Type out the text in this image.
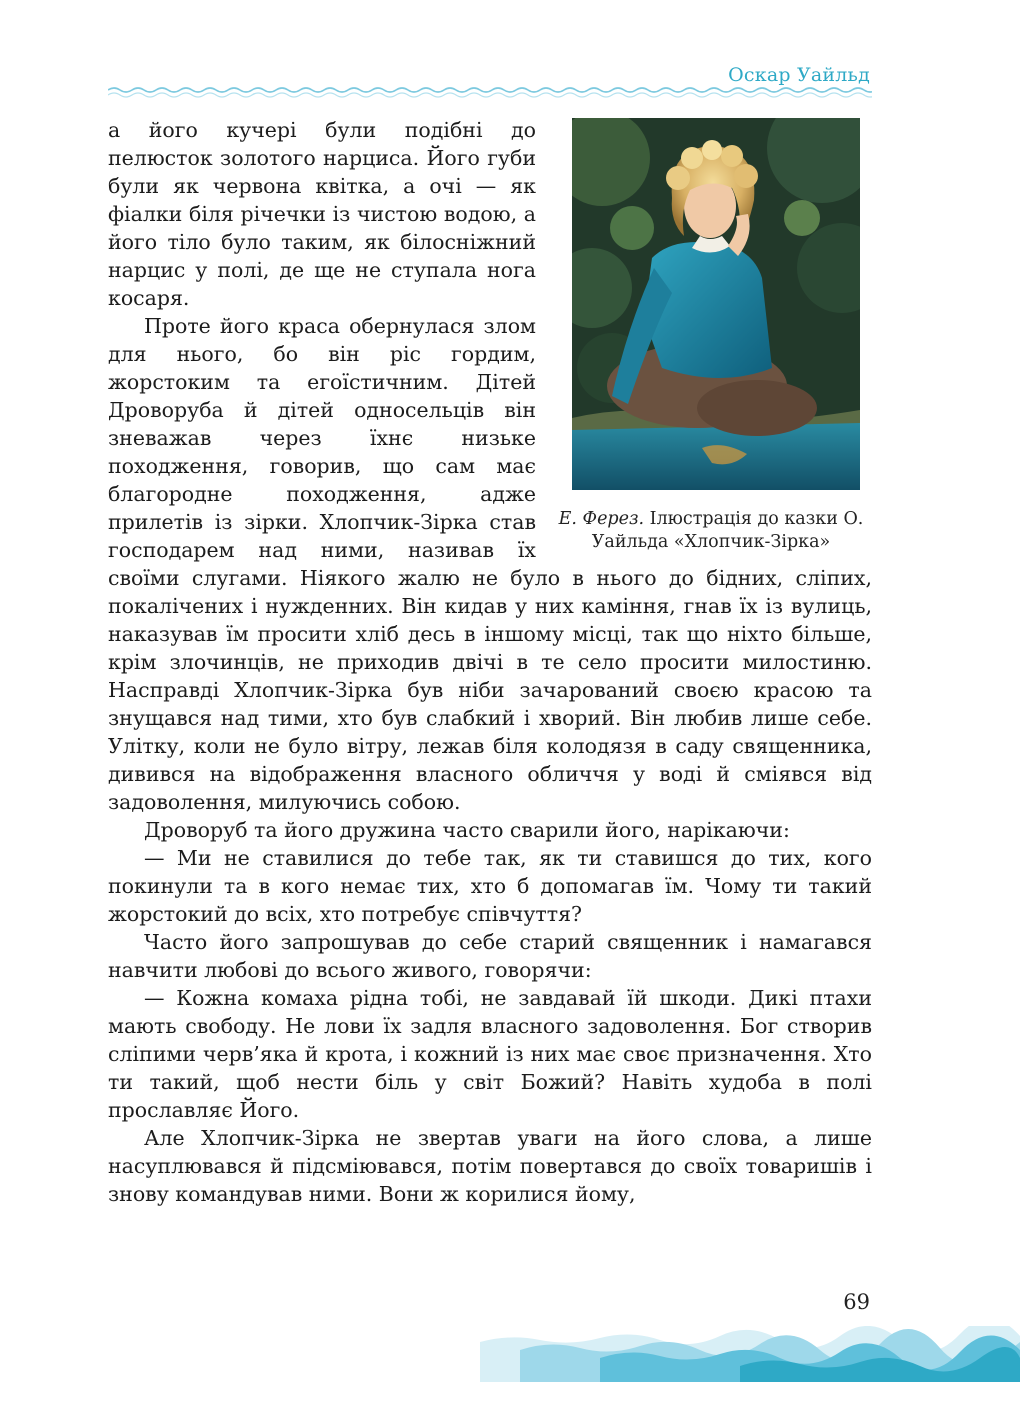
Оскар Уайльд
Е. Ферез. Ілюстрація до казки О. Уайльда «Хлопчик-Зірка»

а його кучері були подібні до пелюсток золотого нарциса. Його губи були як червона квітка, а очі — як фіалки біля річечки із чистою водою, а його тіло було таким, як білосніжний нарцис у полі, де ще не ступала нога косаря.

Проте його краса обернулася злом для нього, бо він ріс гордим, жорстоким та егоїстичним. Дітей Дроворуба й дітей односельців він зневажав через їхнє низьке походження, говорив, що сам має благородне походження, адже прилетів із зірки. Хлопчик-Зірка став господарем над ними, називав їх своїми слугами. Ніякого жалю не було в нього до бідних, сліпих, покалічених і нужденних. Він кидав у них каміння, гнав їх із вулиць, наказував їм просити хліб десь в іншому місці, так що ніхто більше, крім злочинців, не приходив двічі в те село просити милостиню. Насправді Хлопчик-Зірка був ніби зачарований своєю красою та знущався над тими, хто був слабкий і хворий. Він любив лише себе. Улітку, коли не було вітру, лежав біля колодязя в саду священника, дивився на відображення власного обличчя у воді й сміявся від задоволення, милуючись собою.

Дроворуб та його дружина часто сварили його, нарікаючи:

— Ми не ставилися до тебе так, як ти ставишся до тих, кого покинули та в кого немає тих, хто б допомагав їм. Чому ти такий жорстокий до всіх, хто потребує співчуття?

Часто його запрошував до себе старий священник і намагався навчити любові до всього живого, говорячи:

— Кожна комаха рідна тобі, не завдавай їй шкоди. Дикі птахи мають свободу. Не лови їх задля власного задоволення. Бог створив сліпими черв’яка й крота, і кожний із них має своє призначення. Хто ти такий, щоб нести біль у світ Божий? Навіть худоба в полі прославляє Його.

Але Хлопчик-Зірка не звертав уваги на його слова, а лише насуплювався й підсміювався, потім повертався до своїх товаришів і знову командував ними. Вони ж корилися йому,

69
